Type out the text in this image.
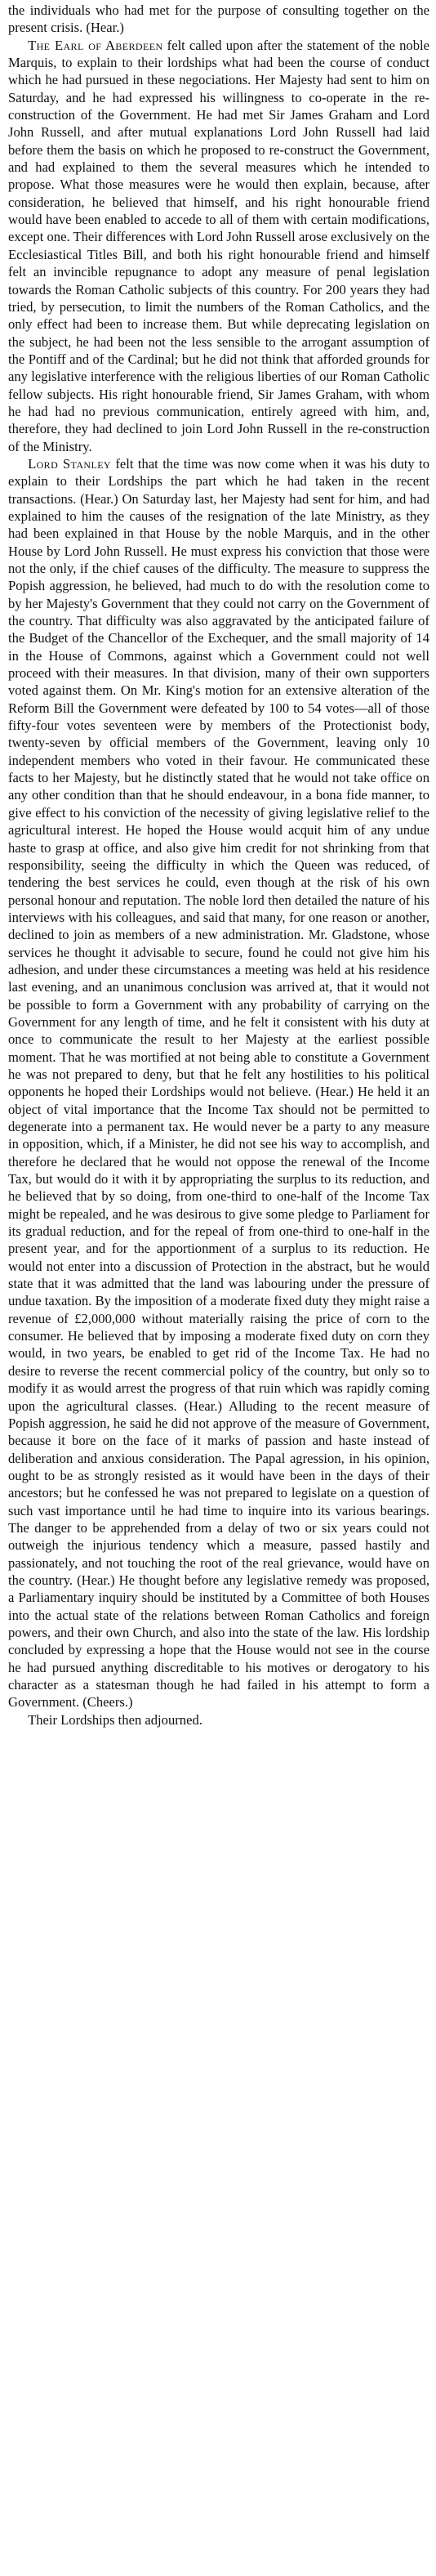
the individuals who had met for the purpose of consulting together on the present crisis. (Hear.)

The Earl of Aberdeen felt called upon after the statement of the noble Marquis, to explain to their lordships what had been the course of conduct which he had pursued in these negociations. Her Majesty had sent to him on Saturday, and he had expressed his willingness to co-operate in the re-construction of the Government. He had met Sir James Graham and Lord John Russell, and after mutual explanations Lord John Russell had laid before them the basis on which he proposed to re-construct the Government, and had explained to them the several measures which he intended to propose. What those measures were he would then explain, because, after consideration, he believed that himself, and his right honourable friend would have been enabled to accede to all of them with certain modifications, except one. Their differences with Lord John Russell arose exclusively on the Ecclesiastical Titles Bill, and both his right honourable friend and himself felt an invincible repugnance to adopt any measure of penal legislation towards the Roman Catholic subjects of this country. For 200 years they had tried, by persecution, to limit the numbers of the Roman Catholics, and the only effect had been to increase them. But while deprecating legislation on the subject, he had been not the less sensible to the arrogant assumption of the Pontiff and of the Cardinal; but he did not think that afforded grounds for any legislative interference with the religious liberties of our Roman Catholic fellow subjects. His right honourable friend, Sir James Graham, with whom he had had no previous communication, entirely agreed with him, and, therefore, they had declined to join Lord John Russell in the re-construction of the Ministry.

Lord Stanley felt that the time was now come when it was his duty to explain to their Lordships the part which he had taken in the recent transactions. (Hear.) On Saturday last, her Majesty had sent for him, and had explained to him the causes of the resignation of the late Ministry, as they had been explained in that House by the noble Marquis, and in the other House by Lord John Russell. He must express his conviction that those were not the only, if the chief causes of the difficulty. The measure to suppress the Popish aggression, he believed, had much to do with the resolution come to by her Majesty's Government that they could not carry on the Government of the country. That difficulty was also aggravated by the anticipated failure of the Budget of the Chancellor of the Exchequer, and the small majority of 14 in the House of Commons, against which a Government could not well proceed with their measures. In that division, many of their own supporters voted against them. On Mr. King's motion for an extensive alteration of the Reform Bill the Government were defeated by 100 to 54 votes—all of those fifty-four votes seventeen were by members of the Protectionist body, twenty-seven by official members of the Government, leaving only 10 independent members who voted in their favour. He communicated these facts to her Majesty, but he distinctly stated that he would not take office on any other condition than that he should endeavour, in a bona fide manner, to give effect to his conviction of the necessity of giving legislative relief to the agricultural interest. He hoped the House would acquit him of any undue haste to grasp at office, and also give him credit for not shrinking from that responsibility, seeing the difficulty in which the Queen was reduced, of tendering the best services he could, even though at the risk of his own personal honour and reputation. The noble lord then detailed the nature of his interviews with his colleagues, and said that many, for one reason or another, declined to join as members of a new administration. Mr. Gladstone, whose services he thought it advisable to secure, found he could not give him his adhesion, and under these circumstances a meeting was held at his residence last evening, and an unanimous conclusion was arrived at, that it would not be possible to form a Government with any probability of carrying on the Government for any length of time, and he felt it consistent with his duty at once to communicate the result to her Majesty at the earliest possible moment. That he was mortified at not being able to constitute a Government he was not prepared to deny, but that he felt any hostilities to his political opponents he hoped their Lordships would not believe. (Hear.) He held it an object of vital importance that the Income Tax should not be permitted to degenerate into a permanent tax. He would never be a party to any measure in opposition, which, if a Minister, he did not see his way to accomplish, and therefore he declared that he would not oppose the renewal of the Income Tax, but would do it with it by appropriating the surplus to its reduction, and he believed that by so doing, from one-third to one-half of the Income Tax might be repealed, and he was desirous to give some pledge to Parliament for its gradual reduction, and for the repeal of from one-third to one-half in the present year, and for the apportionment of a surplus to its reduction. He would not enter into a discussion of Protection in the abstract, but he would state that it was admitted that the land was labouring under the pressure of undue taxation. By the imposition of a moderate fixed duty they might raise a revenue of £2,000,000 without materially raising the price of corn to the consumer. He believed that by imposing a moderate fixed duty on corn they would, in two years, be enabled to get rid of the Income Tax. He had no desire to reverse the recent commercial policy of the country, but only so to modify it as would arrest the progress of that ruin which was rapidly coming upon the agricultural classes. (Hear.) Alluding to the recent measure of Popish aggression, he said he did not approve of the measure of Government, because it bore on the face of it marks of passion and haste instead of deliberation and anxious consideration. The Papal agression, in his opinion, ought to be as strongly resisted as it would have been in the days of their ancestors; but he confessed he was not prepared to legislate on a question of such vast importance until he had time to inquire into its various bearings. The danger to be apprehended from a delay of two or six years could not outweigh the injurious tendency which a measure, passed hastily and passionately, and not touching the root of the real grievance, would have on the country. (Hear.) He thought before any legislative remedy was proposed, a Parliamentary inquiry should be instituted by a Committee of both Houses into the actual state of the relations between Roman Catholics and foreign powers, and their own Church, and also into the state of the law. His lordship concluded by expressing a hope that the House would not see in the course he had pursued anything discreditable to his motives or derogatory to his character as a statesman though he had failed in his attempt to form a Government. (Cheers.)

Their Lordships then adjourned.
